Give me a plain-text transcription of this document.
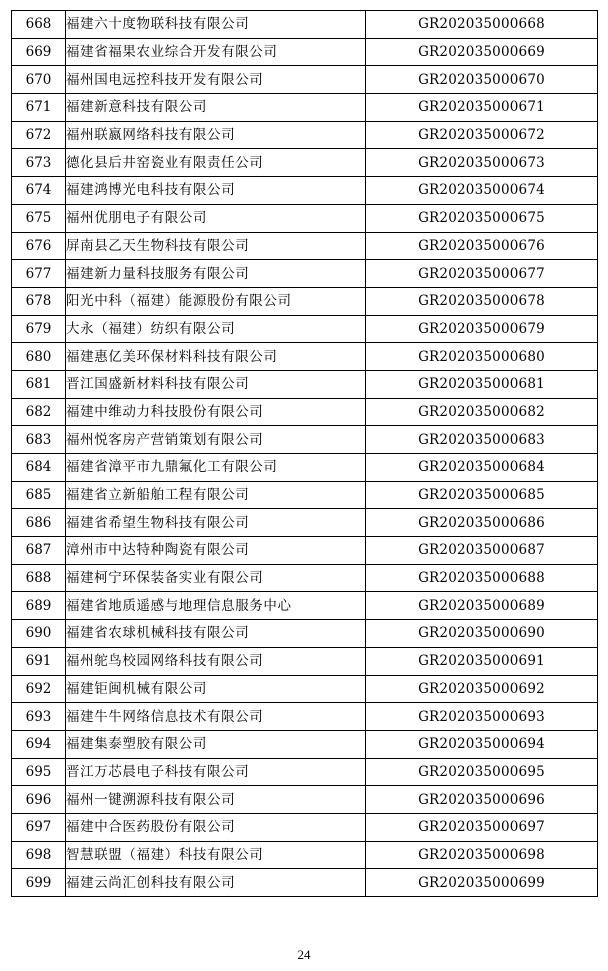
668	福建六十度物联科技有限公司	GR202035000668
669	福建省福果农业综合开发有限公司	GR202035000669
670	福州国电远控科技开发有限公司	GR202035000670
671	福建新意科技有限公司	GR202035000671
672	福州联嬴网络科技有限公司	GR202035000672
673	德化县后井窑瓷业有限责任公司	GR202035000673
674	福建鸿博光电科技有限公司	GR202035000674
675	福州优朋电子有限公司	GR202035000675
676	屏南县乙天生物科技有限公司	GR202035000676
677	福建新力量科技服务有限公司	GR202035000677
678	阳光中科（福建）能源股份有限公司	GR202035000678
679	大永（福建）纺织有限公司	GR202035000679
680	福建惠亿美环保材料科技有限公司	GR202035000680
681	晋江国盛新材料科技有限公司	GR202035000681
682	福建中维动力科技股份有限公司	GR202035000682
683	福州悦客房产营销策划有限公司	GR202035000683
684	福建省漳平市九鼎氟化工有限公司	GR202035000684
685	福建省立新船舶工程有限公司	GR202035000685
686	福建省希望生物科技有限公司	GR202035000686
687	漳州市中达特种陶瓷有限公司	GR202035000687
688	福建柯宁环保装备实业有限公司	GR202035000688
689	福建省地质遥感与地理信息服务中心	GR202035000689
690	福建省农球机械科技有限公司	GR202035000690
691	福州鸵鸟校园网络科技有限公司	GR202035000691
692	福建钜闽机械有限公司	GR202035000692
693	福建牛牛网络信息技术有限公司	GR202035000693
694	福建集泰塑胶有限公司	GR202035000694
695	晋江万芯晨电子科技有限公司	GR202035000695
696	福州一键溯源科技有限公司	GR202035000696
697	福建中合医药股份有限公司	GR202035000697
698	智慧联盟（福建）科技有限公司	GR202035000698
699	福建云尚汇创科技有限公司	GR202035000699
24
